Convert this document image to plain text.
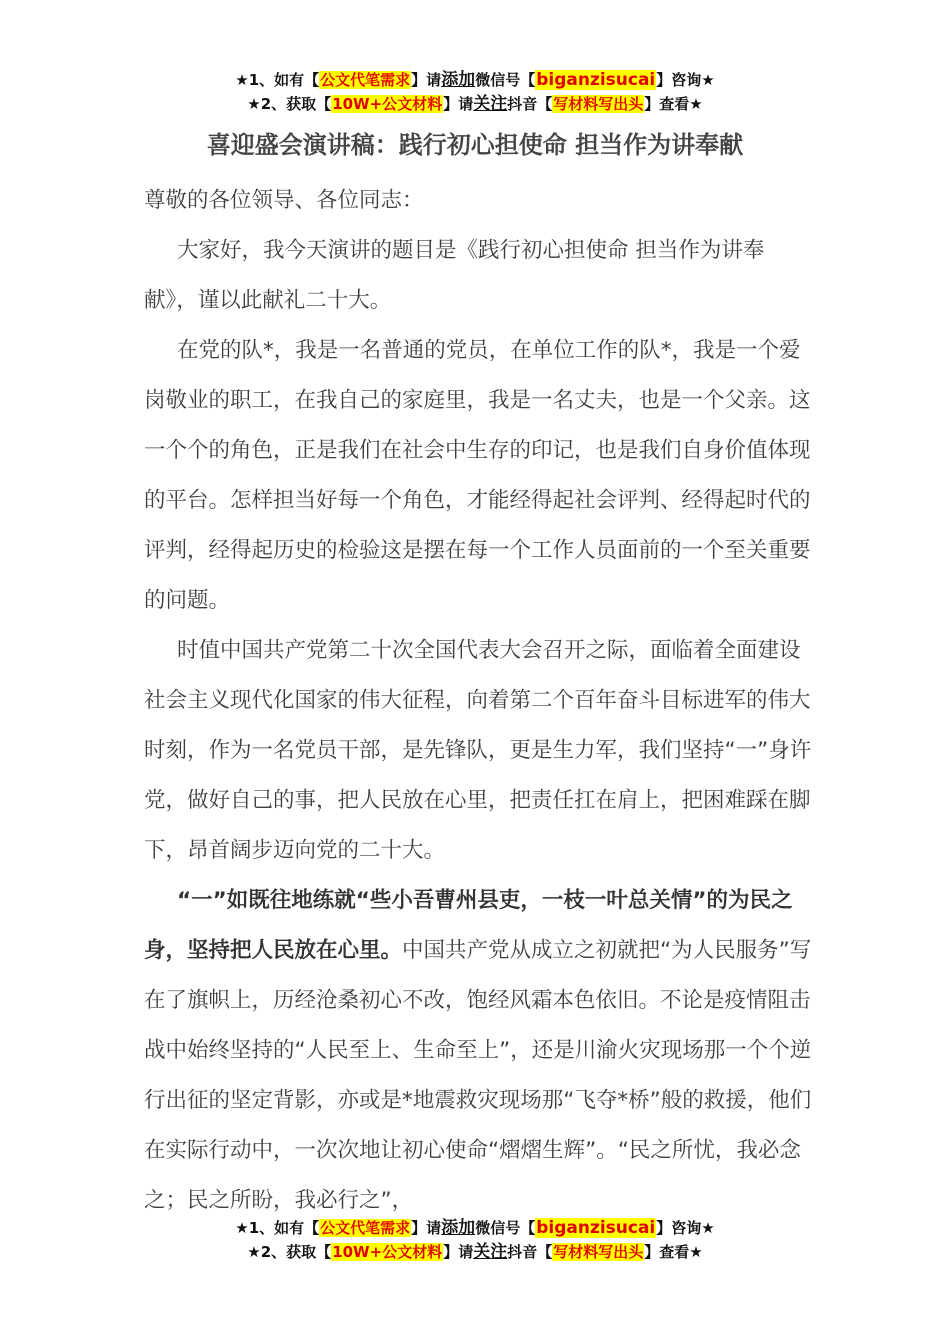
★1、如有【公文代笔需求】请添加微信号【biganzisucai】咨询★
★2、获取【10W+公文材料】请关注抖音【写材料写出头】查看★
喜迎盛会演讲稿：践行初心担使命 担当作为讲奉献

尊敬的各位领导、各位同志：

大家好，我今天演讲的题目是《践行初心担使命 担当作为讲奉献》，谨以此献礼二十大。

在党的队*，我是一名普通的党员，在单位工作的队*，我是一个爱岗敬业的职工，在我自己的家庭里，我是一名丈夫，也是一个父亲。这一个个的角色，正是我们在社会中生存的印记，也是我们自身价值体现的平台。怎样担当好每一个角色，才能经得起社会评判、经得起时代的评判，经得起历史的检验这是摆在每一个工作人员面前的一个至关重要的问题。

时值中国共产党第二十次全国代表大会召开之际，面临着全面建设社会主义现代化国家的伟大征程，向着第二个百年奋斗目标进军的伟大时刻，作为一名党员干部，是先锋队，更是生力军，我们坚持“一”身许党，做好自己的事，把人民放在心里，把责任扛在肩上，把困难踩在脚下，昂首阔步迈向党的二十大。

“一”如既往地练就“些小吾曹州县吏，一枝一叶总关情”的为民之身，坚持把人民放在心里。中国共产党从成立之初就把“为人民服务”写在了旗帜上，历经沧桑初心不改，饱经风霜本色依旧。不论是疫情阻击战中始终坚持的“人民至上、生命至上”，还是川渝火灾现场那一个个逆行出征的坚定背影，亦或是*地震救灾现场那“飞夺*桥”般的救援，他们在实际行动中，一次次地让初心使命“熠熠生辉”。“民之所忧，我必念之；民之所盼，我必行之”，

★1、如有【公文代笔需求】请添加微信号【biganzisucai】咨询★
★2、获取【10W+公文材料】请关注抖音【写材料写出头】查看★
